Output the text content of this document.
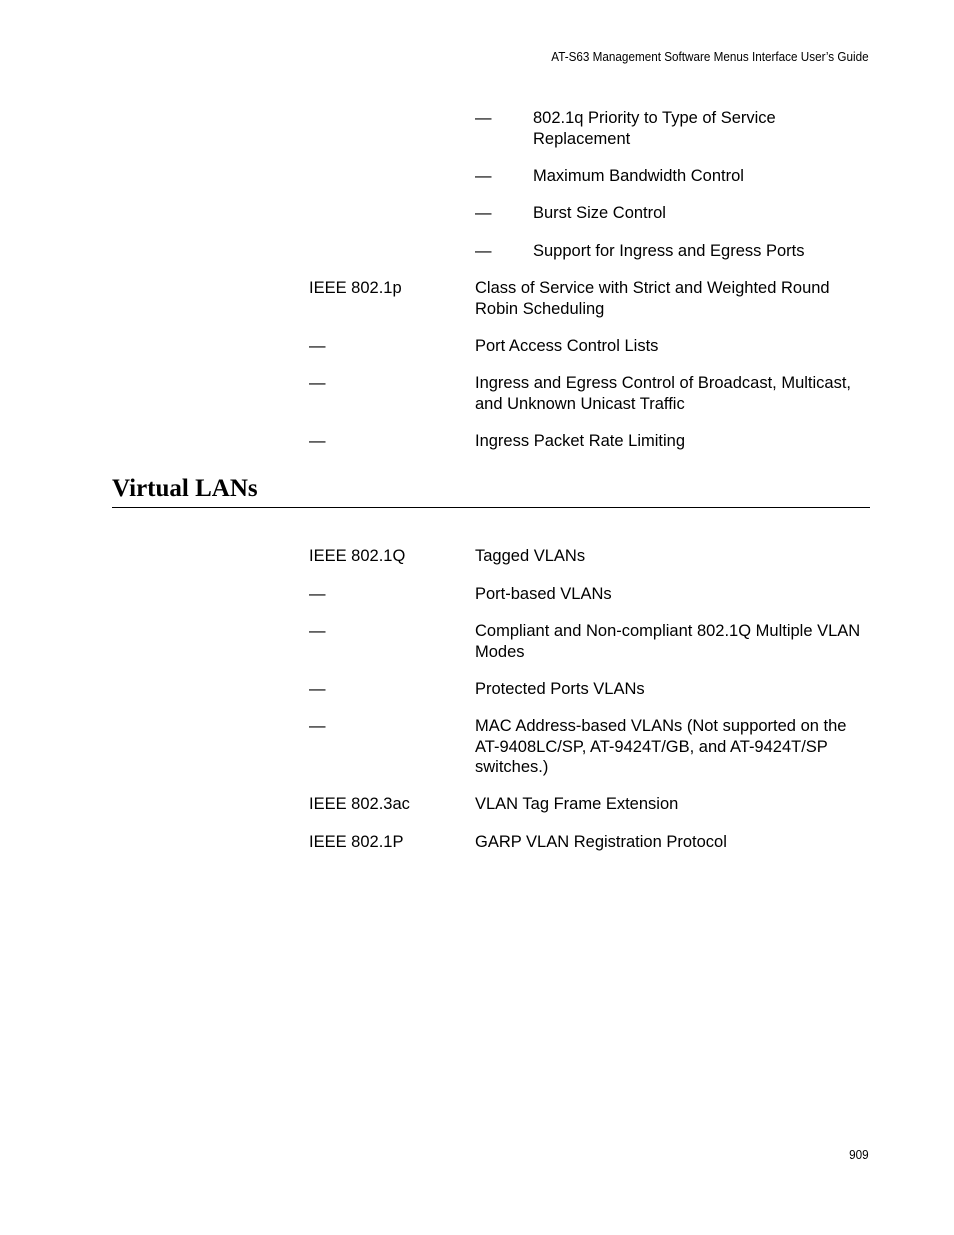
AT-S63 Management Software Menus Interface User’s Guide
—	802.1q Priority to Type of Service Replacement
—	Maximum Bandwidth Control
—	Burst Size Control
—	Support for Ingress and Egress Ports
IEEE 802.1p	Class of Service with Strict and Weighted Round Robin Scheduling
—	Port Access Control Lists
—	Ingress and Egress Control of Broadcast, Multicast, and Unknown Unicast Traffic
—	Ingress Packet Rate Limiting
Virtual LANs
IEEE 802.1Q	Tagged VLANs
—	Port-based VLANs
—	Compliant and Non-compliant 802.1Q Multiple VLAN Modes
—	Protected Ports VLANs
—	MAC Address-based VLANs (Not supported on the AT-9408LC/SP, AT-9424T/GB, and AT-9424T/SP switches.)
IEEE 802.3ac	VLAN Tag Frame Extension
IEEE 802.1P	GARP VLAN Registration Protocol
909
